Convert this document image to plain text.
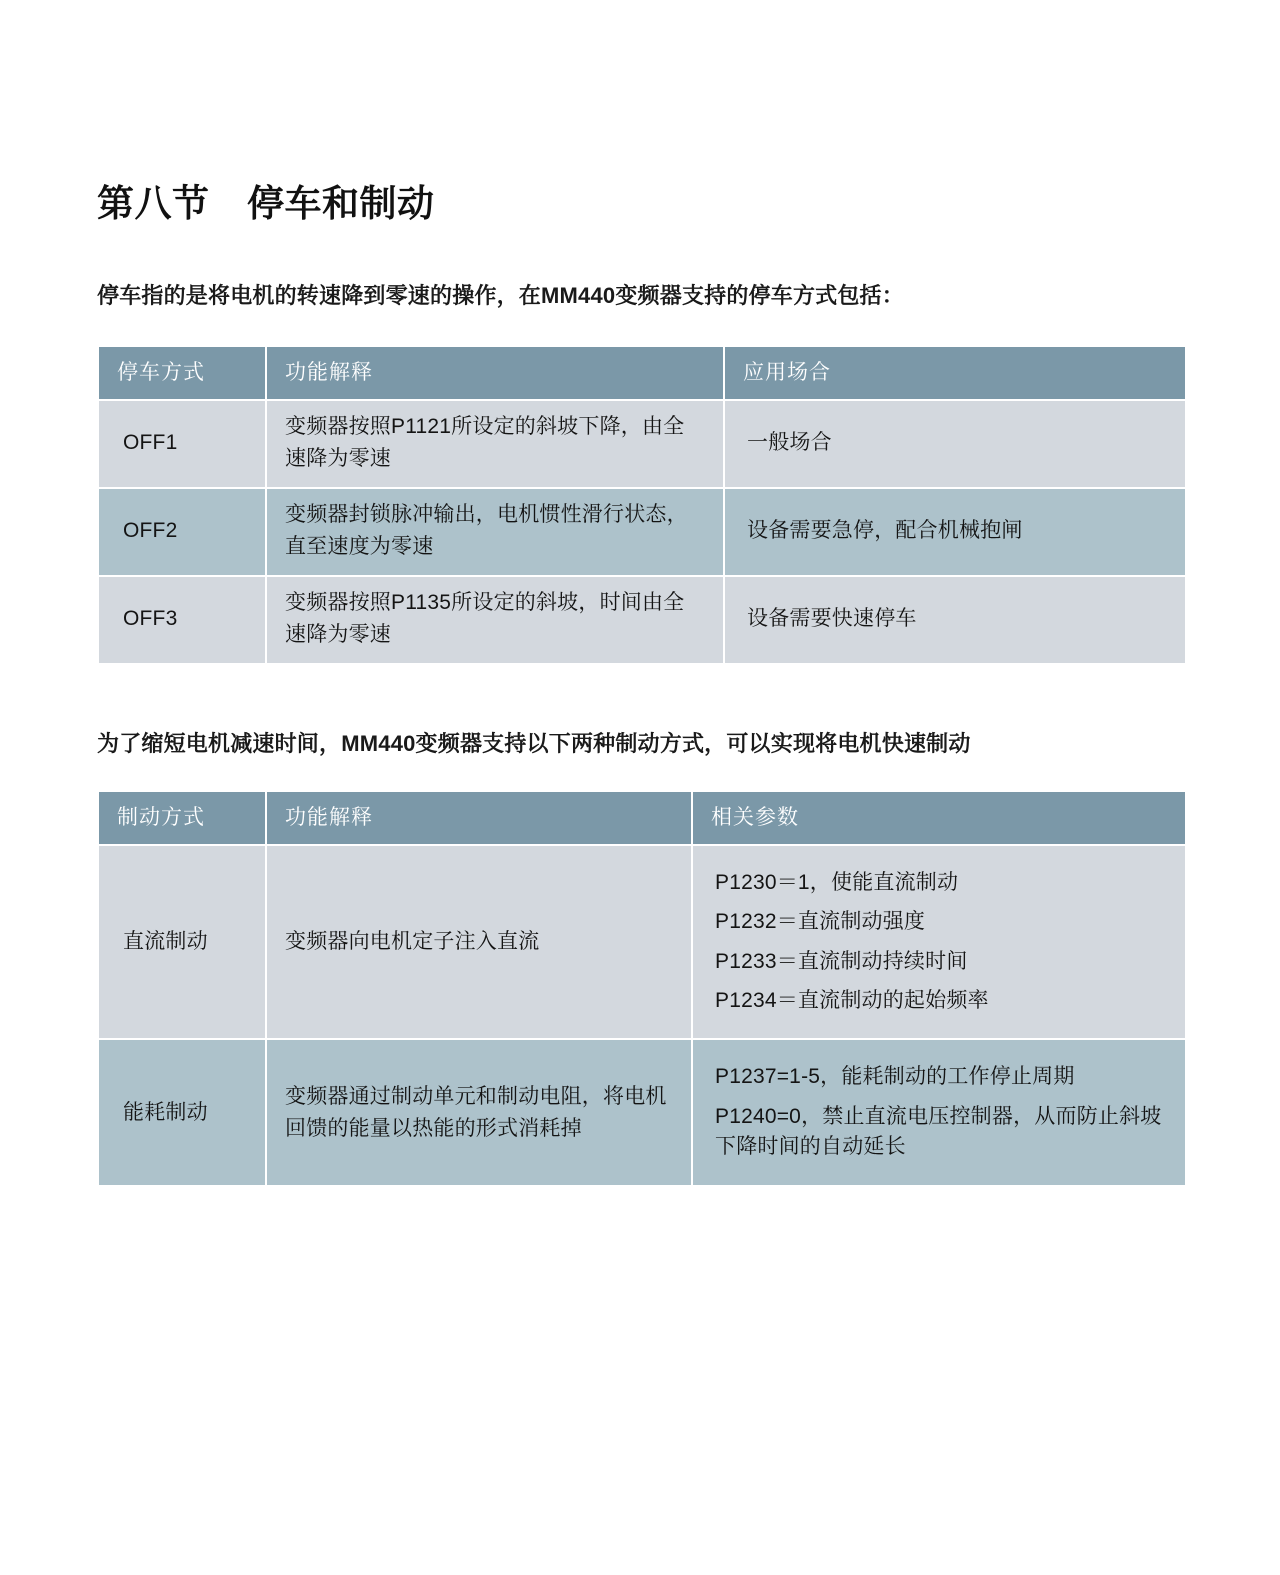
第八节　停车和制动

停车指的是将电机的转速降到零速的操作，在MM440变频器支持的停车方式包括：

停车方式	功能解释	应用场合
OFF1	变频器按照P1121所设定的斜坡下降，由全速降为零速	一般场合
OFF2	变频器封锁脉冲输出，电机惯性滑行状态，直至速度为零速	设备需要急停，配合机械抱闸
OFF3	变频器按照P1135所设定的斜坡，时间由全速降为零速	设备需要快速停车

为了缩短电机减速时间，MM440变频器支持以下两种制动方式，可以实现将电机快速制动

制动方式	功能解释	相关参数
直流制动	变频器向电机定子注入直流	
P1230＝1，使能直流制动
P1232＝直流制动强度
P1233＝直流制动持续时间
P1234＝直流制动的起始频率

能耗制动	变频器通过制动单元和制动电阻，将电机回馈的能量以热能的形式消耗掉	
P1237=1-5，能耗制动的工作停止周期
P1240=0，禁止直流电压控制器，从而防止斜坡下降时间的自动延长
